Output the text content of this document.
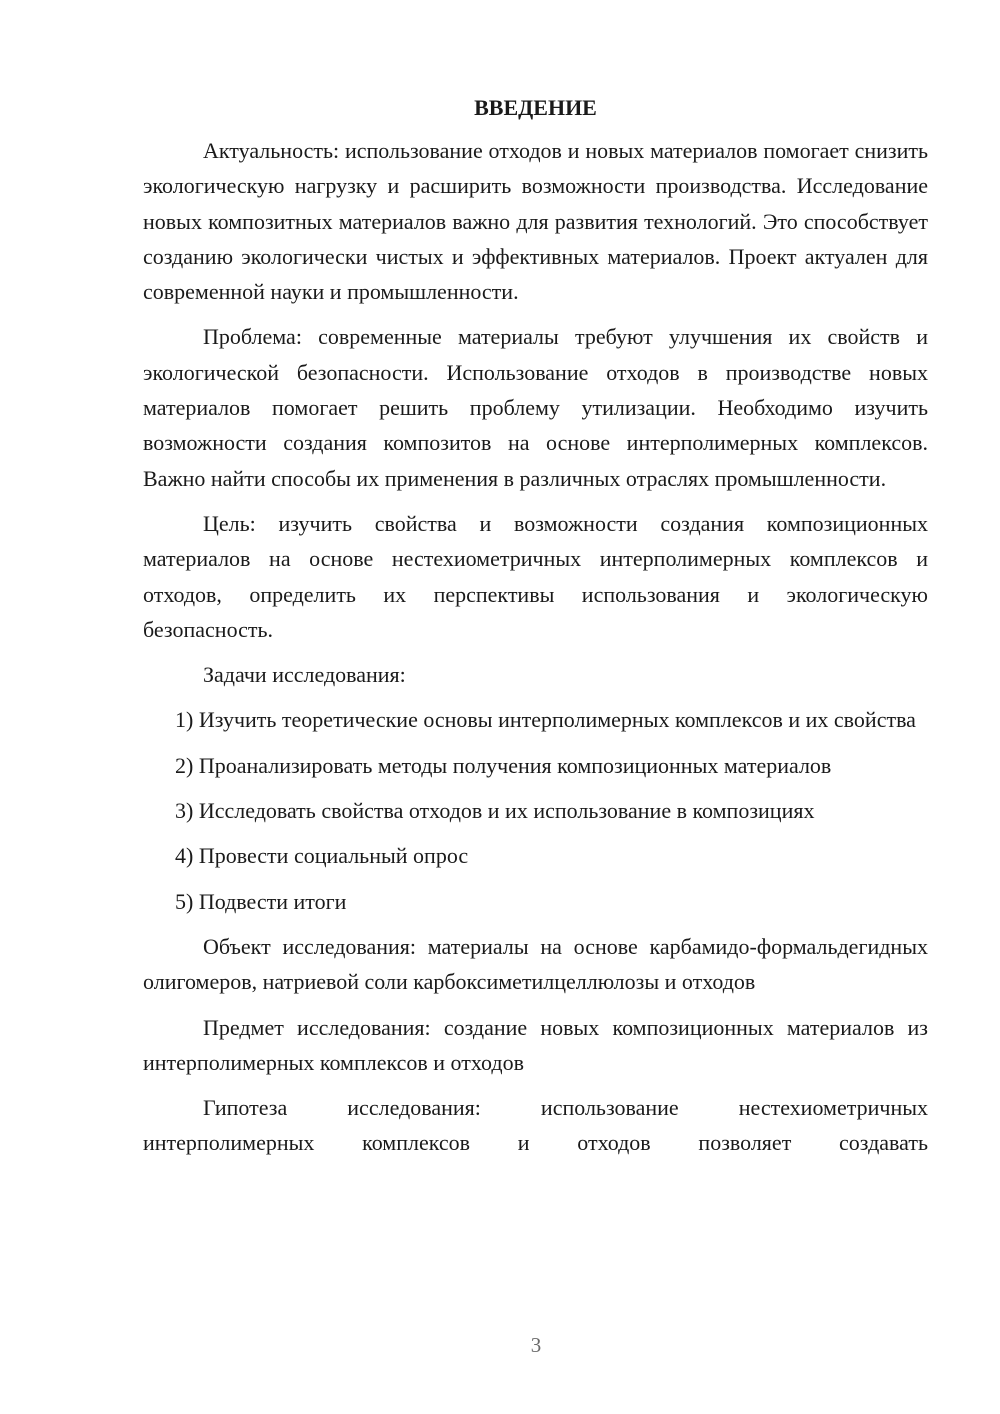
ВВЕДЕНИЕ

Актуальность: использование отходов и новых материалов помогает снизить экологическую нагрузку и расширить возможности производства. Исследование новых композитных материалов важно для развития технологий. Это способствует созданию экологически чистых и эффективных материалов. Проект актуален для современной науки и промышленности.

Проблема: современные материалы требуют улучшения их свойств и экологической безопасности. Использование отходов в производстве новых материалов помогает решить проблему утилизации. Необходимо изучить возможности создания композитов на основе интерполимерных комплексов. Важно найти способы их применения в различных отраслях промышленности.

Цель: изучить свойства и возможности создания композиционных материалов на основе нестехиометричных интерполимерных комплексов и отходов, определить их перспективы использования и экологическую безопасность.

Задачи исследования:

1) Изучить теоретические основы интерполимерных комплексов и их свойства

2) Проанализировать методы получения композиционных материалов

3) Исследовать свойства отходов и их использование в композициях

4) Провести социальный опрос

5) Подвести итоги

Объект исследования: материалы на основе карбамидо-формальдегидных олигомеров, натриевой соли карбоксиметилцеллюлозы и отходов

Предмет исследования: создание новых композиционных материалов из интерполимерных комплексов и отходов

Гипотеза исследования: использование нестехиометричных интерполимерных комплексов и отходов позволяет создавать

3
